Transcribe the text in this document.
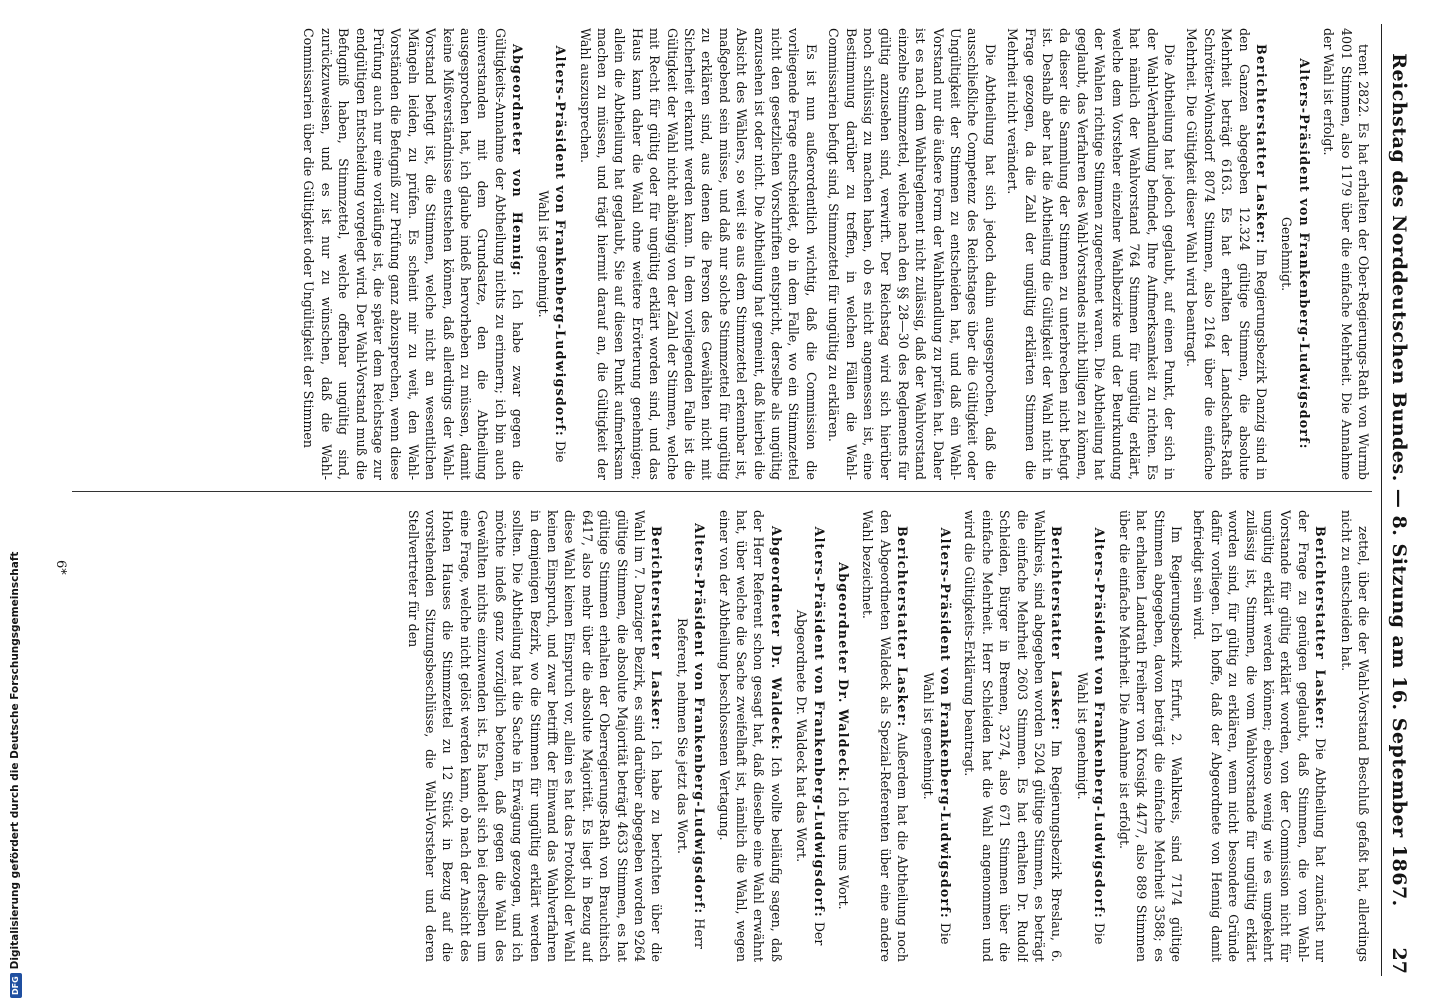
Reichstag des Norddeutschen Bundes. — 8. Sitzung am 16. September 1867.
27

trent 2822. Es hat erhalten der Ober-Regierungs-Rath von Wurmb 4001 Stimmen, also 1179 über die einfache Mehrheit. Die Annahme der Wahl ist erfolgt.

Alters-Präsident von Frankenberg-Ludwigsdorf: Genehmigt.

Berichterstatter Lasker: Im Regierungsbezirk Danzig sind in den Ganzen abgegeben 12.324 gültige Stimmen, die absolute Mehrheit beträgt 6163. Es hat erhalten der Landschafts-Rath Schrötter-Wohnsdorf 8074 Stimmen, also 2164 über die einfache Mehrheit. Die Gültigkeit dieser Wahl wird beantragt.

Die Abtheilung hat jedoch geglaubt, auf einen Punkt, der sich in der Wahl-Verhandlung befindet, Ihre Aufmerksamkeit zu richten. Es hat nämlich der Wahlvorstand 764 Stimmen für ungültig erklärt, welche dem Vorsteher einzelner Wahlbezirke und der Beurkundung der Wahlen richtige Stimmen zugerechnet waren. Die Abtheilung hat geglaubt, das Verfahren des Wahl-Vorstandes nicht billigen zu können, da dieser die Sammlung der Stimmen zu unterbrechen nicht befugt ist. Deshalb aber hat die Abtheilung die Gültigkeit der Wahl nicht in Frage gezogen, da die Zahl der ungültig erklärten Stimmen die Mehrheit nicht verändert.

Die Abtheilung hat sich jedoch dahin ausgesprochen, daß die ausschließliche Competenz des Reichstages über die Gültigkeit oder Ungültigkeit der Stimmen zu entscheiden hat, und daß ein Wahl-Vorstand nur die äußere Form der Wahlhandlung zu prüfen hat. Daher ist es nach dem Wahlreglement nicht zulässig, daß der Wahlvorstand einzelne Stimmzettel, welche nach den §§ 28—30 des Reglements für gültig anzusehen sind, verwirft. Der Reichstag wird sich hierüber noch schlüssig zu machen haben, ob es nicht angemessen ist, eine Bestimmung darüber zu treffen, in welchen Fällen die Wahl-Commissarien befugt sind, Stimmzettel für ungültig zu erklären.

Es ist nun außerordentlich wichtig, daß die Commission die vorliegende Frage entscheidet, ob in dem Falle, wo ein Stimmzettel nicht den gesetzlichen Vorschriften entspricht, derselbe als ungültig anzusehen ist oder nicht. Die Abtheilung hat gemeint, daß hierbei die Absicht des Wählers, so weit sie aus dem Stimmzettel erkennbar ist, maßgebend sein müsse, und daß nur solche Stimmzettel für ungültig zu erklären sind, aus denen die Person des Gewählten nicht mit Sicherheit erkannt werden kann. In dem vorliegenden Falle ist die Gültigkeit der Wahl nicht abhängig von der Zahl der Stimmen, welche mit Recht für gültig oder für ungültig erklärt worden sind, und das Haus kann daher die Wahl ohne weitere Erörterung genehmigen; allein die Abtheilung hat geglaubt, Sie auf diesen Punkt aufmerksam machen zu müssen, und trägt hiermit darauf an, die Gültigkeit der Wahl auszusprechen.

Alters-Präsident von Frankenberg-Ludwigsdorf: Die Wahl ist genehmigt.

Abgeordneter von Hennig: Ich habe zwar gegen die Gültigkeits-Annahme der Abtheilung nichts zu erinnern; ich bin auch einverstanden mit dem Grundsatze, den die Abtheilung ausgesprochen hat, ich glaube indeß hervorheben zu müssen, damit keine Mißverständnisse entstehen können, daß allerdings der Wahl-Vorstand befugt ist, die Stimmen, welche nicht an wesentlichen Mängeln leiden, zu prüfen. Es scheint mir zu weit, den Wahl-Vorständen die Befugniß zur Prüfung ganz abzusprechen, wenn diese Prüfung auch nur eine vorläufige ist, die später dem Reichstage zur endgültigen Entscheidung vorgelegt wird. Der Wahl-Vorstand muß die Befugniß haben, Stimmzettel, welche offenbar ungültig sind, zurückzuweisen, und es ist nur zu wünschen, daß die Wahl-Commissarien über die Gültigkeit oder Ungültigkeit der Stimmen

zettel, über die der Wahl-Vorstand Beschluß gefaßt hat, allerdings nicht zu entscheiden hat.

Berichterstatter Lasker: Die Abtheilung hat zunächst nur der Frage zu genügen geglaubt, daß Stimmen, die vom Wahl-Vorstande für gültig erklärt worden, von der Commission nicht für ungültig erklärt werden können; ebenso wenig wie es umgekehrt zulässig ist, Stimmen, die vom Wahlvorstande für ungültig erklärt worden sind, für gültig zu erklären, wenn nicht besondere Gründe dafür vorliegen. Ich hoffe, daß der Abgeordnete von Hennig damit befriedigt sein wird.

Im Regierungsbezirk Erfurt, 2. Wahlkreis, sind 7174 gültige Stimmen abgegeben, davon beträgt die einfache Mehrheit 3588; es hat erhalten Landrath Freiherr von Krosigk 4477, also 889 Stimmen über die einfache Mehrheit. Die Annahme ist erfolgt.

Alters-Präsident von Frankenberg-Ludwigsdorf: Die Wahl ist genehmigt.

Berichterstatter Lasker: Im Regierungsbezirk Breslau, 6. Wahlkreis, sind abgegeben worden 5204 gültige Stimmen, es beträgt die einfache Mehrheit 2603 Stimmen. Es hat erhalten Dr. Rudolf Schleiden, Bürger in Bremen, 3274, also 671 Stimmen über die einfache Mehrheit. Herr Schleiden hat die Wahl angenommen und wird die Gültigkeits-Erklärung beantragt.

Alters-Präsident von Frankenberg-Ludwigsdorf: Die Wahl ist genehmigt.

Berichterstatter Lasker: Außerdem hat die Abtheilung noch den Abgeordneten Waldeck als Spezial-Referenten über eine andere Wahl bezeichnet.

Abgeordneter Dr. Waldeck: Ich bitte ums Wort.

Alters-Präsident von Frankenberg-Ludwigsdorf: Der Abgeordnete Dr. Waldeck hat das Wort.

Abgeordneter Dr. Waldeck: Ich wollte beiläufig sagen, daß der Herr Referent schon gesagt hat, daß dieselbe eine Wahl erwähnt hat, über welche die Sache zweifelhaft ist, nämlich die Wahl, wegen einer von der Abtheilung beschlossenen Vertagung.

Alters-Präsident von Frankenberg-Ludwigsdorf: Herr Referent, nehmen Sie jetzt das Wort.

Berichterstatter Lasker: Ich habe zu berichten über die Wahl im 7. Danziger Bezirk, es sind darüber abgegeben worden 9264 gültige Stimmen, die absolute Majorität beträgt 4633 Stimmen, es hat gültige Stimmen erhalten der Oberregierungs-Rath von Brauchitsch 6417, also mehr über die absolute Majorität. Es liegt in Bezug auf diese Wahl keinen Einspruch vor, allein es hat das Protokoll der Wahl keinen Einspruch, und zwar betrifft der Einwand das Wahlverfahren in demjenigen Bezirk, wo die Stimmen für ungültig erklärt werden sollten. Die Abtheilung hat die Sache in Erwägung gezogen, und ich möchte indeß ganz vorzüglich betonen, daß gegen die Wahl des Gewählten nichts einzuwenden ist. Es handelt sich bei derselben um eine Frage, welche nicht gelöst werden kann, ob nach der Ansicht des Hohen Hauses die Stimmzettel zu 12 Stück in Bezug auf die vorstehenden Sitzungsbeschlüsse, die Wahl-Vorsteher und deren Stellvertreter für den

6*
DFGDigitalisierung gefördert durch die Deutsche Forschungsgemeinschaft
